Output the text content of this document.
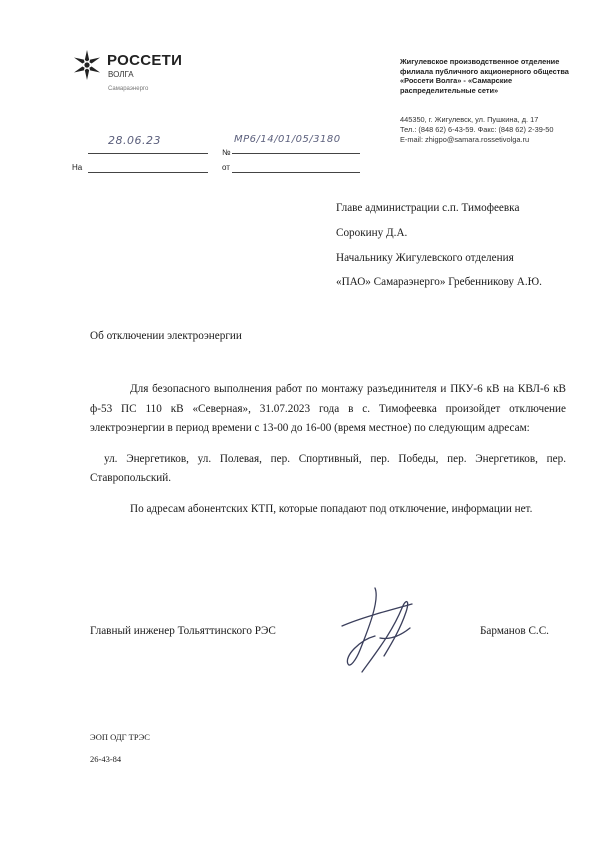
РОССЕТИ
ВОЛГА
Самараэнерго
Жигулевское производственное отделение
филиала публичного акционерного общества
«Россети Волга» - «Самарские
распределительные сети»
445350, г. Жигулевск, ул. Пушкина, д. 17
Тел.: (848 62) 6-43-59. Факс: (848 62) 2-39-50
E-mail: zhigpo@samara.rossetivolga.ru
28.06.23
№
МР6/14/01/05/3180
На	от
Главе администрации с.п. Тимофеевка
Сорокину Д.А.
Начальнику Жигулевского отделения
«ПАО» Самараэнерго» Гребенникову А.Ю.
Об отключении электроэнергии

Для безопасного выполнения работ по монтажу разъединителя и ПКУ-6 кВ на КВЛ-6 кВ ф-53 ПС 110 кВ «Северная», 31.07.2023 года в с. Тимофеевка произойдет отключение электроэнергии в период времени с 13-00 до 16-00 (время местное) по следующим адресам:

ул. Энергетиков, ул. Полевая, пер. Спортивный, пер. Победы, пер. Энергетиков, пер. Ставропольский.

По адресам абонентских КТП, которые попадают под отключение, информации нет.

Главный инженер Тольяттинского РЭС	Барманов С.С.
ЭОП ОДГ ТРЭС
26-43-84
